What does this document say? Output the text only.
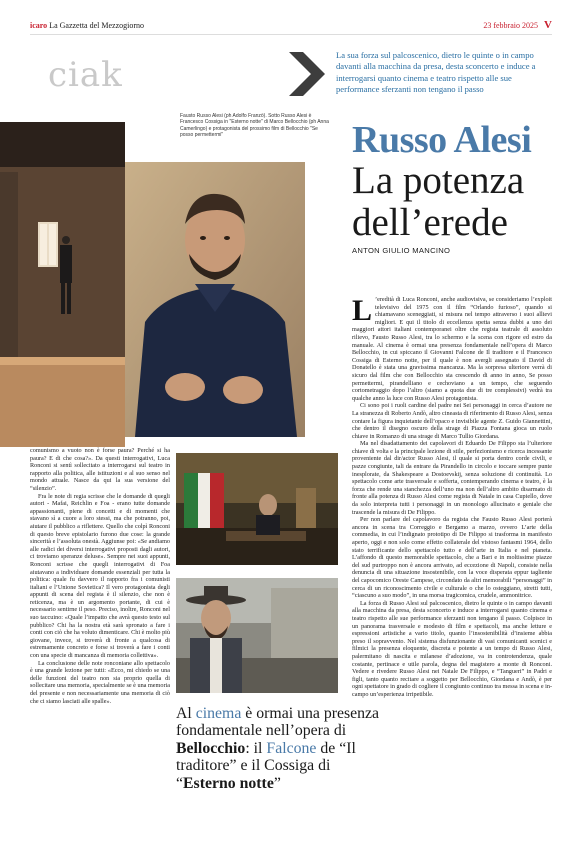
icaro La Gazzetta del Mezzogiorno	23 febbraio 2025 V
ciak	La sua forza sul palcoscenico, dietro le quinte o in campo davanti alla macchina da presa, desta sconcerto e induce a interrogarsi quanto cinema e teatro rispetto alle sue performance sferzanti non tengano il passo
Fausto Russo Alesi (ph Adolfo Franzò). Sotto Russo Alesi è Francesco Cossiga in "Esterno notte" di Marco Bellocchio (ph Anna Camerlingo) e protagonista del prossimo film di Bellocchio "Se posso permettermi"	Russo Alesi
La potenza
dell’erede
ANTON GIULIO MANCINO
L ’eredità di Luca Ronconi, anche audiovisiva, se consideriamo l’exploit televisivo del 1975 con il film “Orlando furioso”, quando si chiamavano sceneggiati, si misura nel tempo attraverso i suoi allievi migliori. E qui il titolo di eccellenza spetta senza dubbi a uno dei maggiori attori italiani contemporanei oltre che regista teatrale di assoluto rilievo, Fausto Russo Alesi, tra lo schermo e la scena con rigore ed estro da manuale. Al cinema è ormai una presenza fondamentale nell’opera di Marco Bellocchio, in cui spiccano il Giovanni Falcone de Il traditore e il Francesco Cossiga di Esterno notte, per il quale è non avergli assegnato il David di Donatello è stata una gravissima mancanza. Ma la sorpresa ulteriore verrà di sicuro dal film che con Bellocchio sta crescendo di anno in anno, Se posso permettermi, pirandelliano e cechoviano a un tempo, che seguendo cortometraggio dopo l’altro (siamo a quota due di tre complessivi) vedrà tra qualche anno la luce con Russo Alesi protagonista.
Ci sono poi i ruoli cardine del padre nei Sei personaggi in cerca d’autore ne La stranezza di Roberto Andò, altro cineasta di riferimento di Russo Alesi, senza contare la figura inquietante dell’opaco e invisibile agente Z. Guido Giannettini, che dentro il disegno oscuro della strage di Piazza Fontana gioca un ruolo chiave in Romanzo di una strage di Marco Tullio Giordana.
Ma nel disadattamento dei capolavori di Eduardo De Filippo sta l’ulteriore chiave di volta e la principale lezione di stile, perfezionismo e ricerca incessante proveniente dal dir/actor Russo Alesi, il quale si porta dentro corde civili, e pazze congiunte, tali da entrare da Pirandello in circolo e toccare sempre punte inesplorate, da Shakespeare a Dostoevskij, senza soluzione di continuità. Lo spettacolo come arte trasversale e sofferta, contemperando cinema e teatro, è la forza che rende una stanchezza dell’uno ma non dell’altro ambito disarmato di fronte alla potenza di Russo Alesi come regista di Natale in casa Cupiello, dove da solo interpreta tutti i personaggi in un monologo allucinato e geniale che trascende la misura di De Filippo.
Per non parlare del capolavoro da regista che Fausto Russo Alesi porterà ancora in scena tra Correggio e Bergamo a marzo, ovvero L’arte della commedia, in cui l’indignato prototipo di De Filippo si trasforma in manifesto aperto, oggi e non solo come effetto collaterale del vistoso fantasmi 1964, dello stato terrificante dello spettacolo tutto e dell’arte in Italia e nel pianeta. L’affondo di questo memorabile spettacolo, che a Bari e in moltissime piazze del sud purtroppo non è ancora arrivato, ad eccezione di Napoli, consiste nella denuncia di una situazione insostenibile, con la voce disperata eppur tagliente del capocomico Oreste Campese, circondato da altri memorabili “personaggi” in cerca di un riconoscimento civile e culturale o che lo osteggiano, stretti tutti, “ciascuno a suo modo”, in una morsa tragicomica, crudele, ammonitrice.
La forza di Russo Alesi sul palcoscenico, dietro le quinte o in campo davanti alla macchina da presa, desta sconcerto e induce a interrogarsi quanto cinema e teatro rispetto alle sue performance sferzanti non tengano il passo. Colpisce in un panorama trasversale e modesto di film e spettacoli, ma anche letture e espressioni artistiche a vario titolo, quanto l’insostenibilità d’insieme abbia preso il sopravvento. Nel sistema disfunzionante di vasi comunicanti scenici e filmici la presenza eloquente, discreta e potente a un tempo di Russo Alesi, palermitano di nascita e milanese d’adozione, va in controtendenza, quale costante, pertinace e utile parola, degna del magistero a monte di Ronconi. Vedere e rivedere Russo Alesi nei Natale De Filippo, e “Tangueri” in Padri e figli, tanto quanto recitare a soggetto per Bellocchio, Giordana e Andò, è per ogni spettatore in grado di cogliere il congiunto continuo tra messa in scena e in-campo un’esperienza irripetibile.
comunismo a vuoto non è forse paura? Perché si ha paura? E di che cosa?». Da questi interrogativi, Luca Ronconi si sentì sollecitato a interrogarsi sul teatro in rapporto alla politica, alle istituzioni e al suo senso nel mondo attuale. Nasce da qui la sua versione del “silenzio”.
Fra le note di regia scrisse che le domande di quegli autori - Mafai, Reichlin e Foa - erano tutte domande appassionanti, piene di concetti e di momenti che stavano sì a cuore a loro stessi, ma che potranno, poi, aiutare il pubblico a riflettere. Quello che colpì Ronconi di questo breve epistolario furono due cose: la grande sincerità e l’assoluta onestà. Aggiunse poi: «Se andiamo alle radici dei diversi interrogativi proposti dagli autori, ci troviamo speranze deluse». Sempre nei suoi appunti, Ronconi scrisse che quegli interrogativi di Foa aiutavano a individuare domande essenziali per tutta la politica: quale fu davvero il rapporto fra i comunisti italiani e l’Unione Sovietica? Il vero protagonista degli appunti di scena del regista è il silenzio, che non è reticenza, ma è un argomento portante, di cui è necessario sentirne il peso. Preciso, inoltre, Ronconi nel suo taccuino: «Quale l’impatto che avrà questo testo sul pubblico? Chi ha la nostra età sarà spronato a fare i conti con ciò che ha voluto dimenticare. Chi è molto più giovane, invece, si troverà di fronte a qualcosa di estremamente concreto e forse si troverà a fare i conti con una specie di mancanza di memoria collettiva».
La conclusione delle note ronconiane allo spettacolo è una grande lezione per tutti: «Ecco, mi chiedo se una delle funzioni del teatro non sia proprio quella di sollecitare una memoria, specialmente se è una memoria del presente e non necessariamente una memoria di ciò che ci siamo lasciati alle spalle».
Al cinema è ormai una presenza fondamentale nell’opera di Bellocchio: il Falcone de “Il traditore” e il Cossiga di “Esterno notte”
